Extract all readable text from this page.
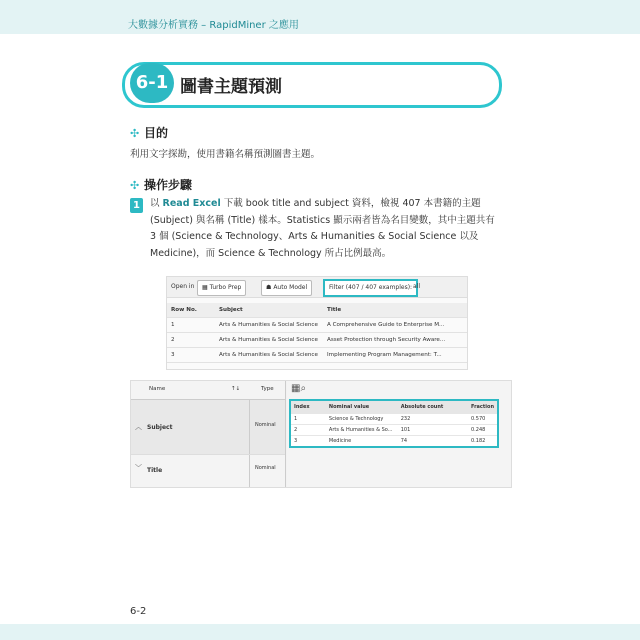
大數據分析實務 – RapidMiner 之應用
6-1 圖書主題預測
✣ 目的
利用文字探勘，使用書籍名稱預測圖書主題。
✣ 操作步驟
1	以 Read Excel 下載 book title and subject 資料，檢視 407 本書籍的主題 (Subject) 與名稱 (Title) 樣本。Statistics 顯示兩者皆為名目變數，其中主題共有 3 個 (Science & Technology、Arts & Humanities & Social Science 以及 Medicine)，而 Science & Technology 所占比例最高。
Open in	▦ Turbo Prep	☗ Auto Model	Filter (407 / 407 examples): all
Row No.	Subject	Title
1	Arts & Humanities & Social Science	A Comprehensive Guide to Enterprise M...
2	Arts & Humanities & Social Science	Asset Protection through Security Aware...
3	Arts & Humanities & Social Science	Implementing Program Management: T...
Name	↑↓	Type
︿ Subject	Nominal
﹀ Title	Nominal
▦⌕
Index	Nominal value	Absolute count	Fraction
1	Science & Technology	232	0.570
2	Arts & Humanities & So...	101	0.248
3	Medicine	74	0.182
6-2
